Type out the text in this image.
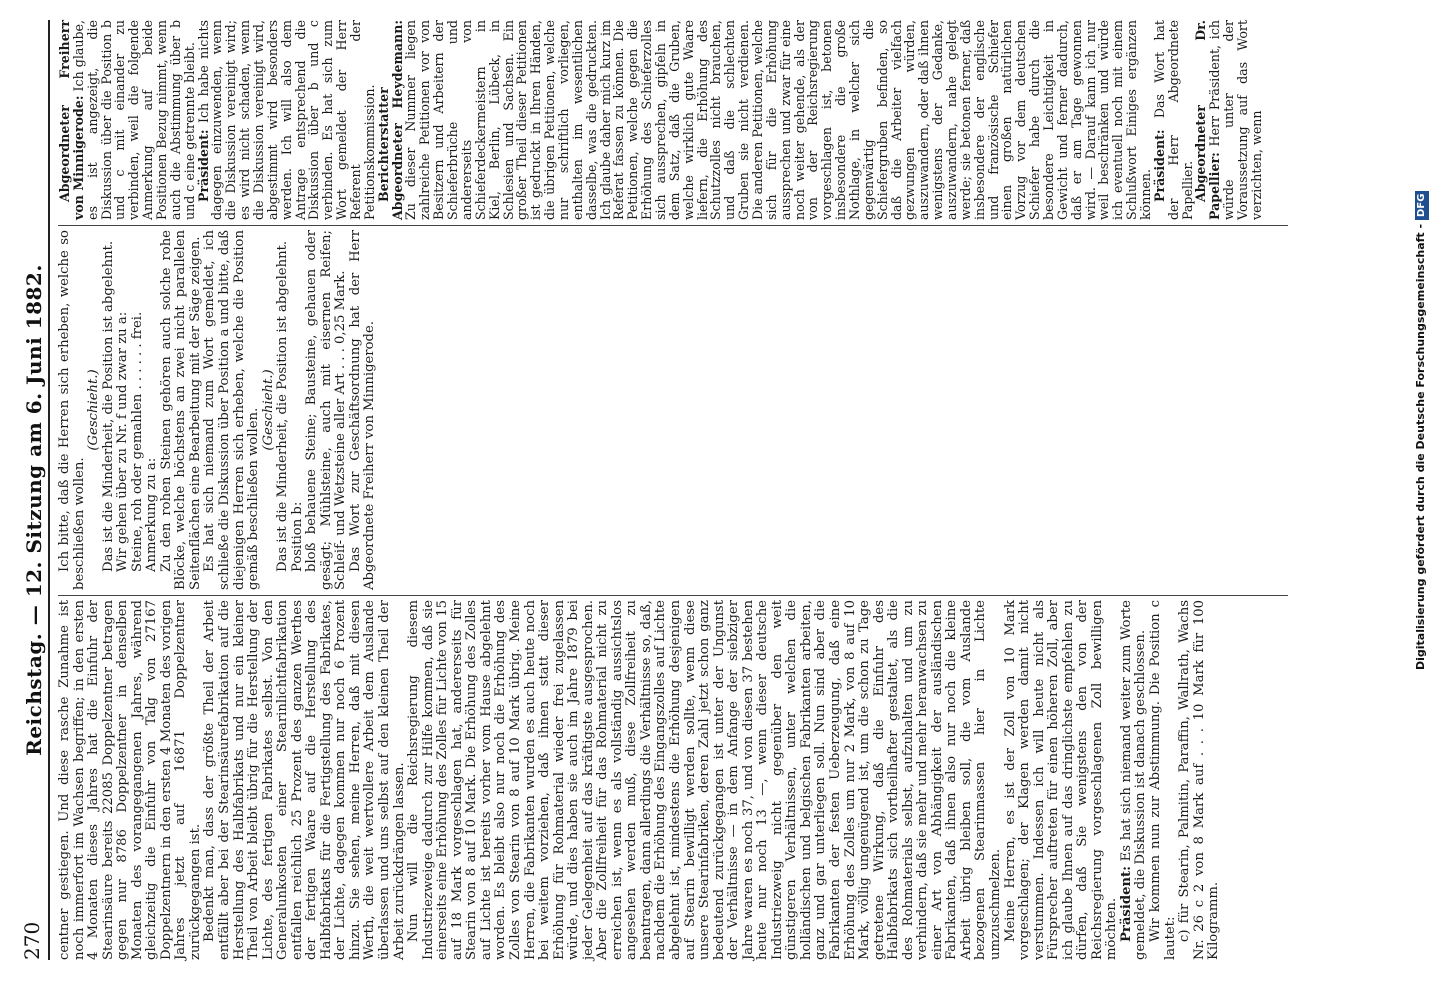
270
Reichstag. — 12. Sitzung am 6. Juni 1882.

centner gestiegen. Und diese rasche Zunahme ist noch immerfort im Wachsen begriffen; in den ersten 4 Monaten dieses Jahres hat die Einfuhr der Stearinsäure bereits 22085 Doppelzentner betragen gegen nur 8786 Doppelzentner in denselben Monaten des vorangegangenen Jahres, während gleichzeitig die Einfuhr von Talg von 27167 Doppelzentnern in den ersten 4 Monaten des vorigen Jahres jetzt auf 16871 Doppelzentner zurückgegangen ist. Bedenkt man, dass der größte Theil der Arbeit entfällt aber bei der Stearinsäurefabrikation auf die Herstellung des Halbfabrikats und nur ein kleiner Theil von Arbeit bleibt übrig für die Herstellung der Lichte, des fertigen Fabrikates selbst. Von den Generalunkosten einer Stearinlichtfabrikation entfallen reichlich 25 Prozent des ganzen Werthes der fertigen Waare auf die Herstellung des Halbfabrikats für die Fertigstellung des Fabrikates, der Lichte, dagegen kommen nur noch 6 Prozent hinzu. Sie sehen, meine Herren, daß mit diesen Werth, die weit wertvollere Arbeit dem Auslande überlassen und uns selbst auf den kleinen Theil der Arbeit zurückdrängen lassen. Nun will die Reichsregierung diesem Industriezweige dadurch zur Hilfe kommen, daß sie einerseits eine Erhöhung des Zolles für Lichte von 15 auf 18 Mark vorgeschlagen hat, andererseits für Stearin von 8 auf 10 Mark. Die Erhöhung des Zolles auf Lichte ist bereits vorher vom Hause abgelehnt worden. Es bleibt also nur noch die Erhöhung des Zolles von Stearin von 8 auf 10 Mark übrig. Meine Herren, die Fabrikanten wurden es auch heute noch bei weitem vorziehen, daß ihnen statt dieser Erhöhung für Rohmaterial wieder frei zugelassen würde, und dies haben sie auch im Jahre 1879 bei jeder Gelegenheit auf das kräftigste ausgesprochen. Aber die Zollfreiheit für das Rohmaterial nicht zu erreichen ist, wenn es als vollständig aussichtslos angesehen werden muß, diese Zollfreiheit zu beantragen, dann allerdings die Verhältnisse so, daß, nachdem die Erhöhung des Eingangszolles auf Lichte abgelehnt ist, mindestens die Erhöhung desjenigen auf Stearin bewilligt werden sollte, wenn diese unsere Stearinfabriken, deren Zahl jetzt schon ganz bedeutend zurückgegangen ist unter der Ungunst der Verhältnisse — in dem Anfange der siebziger Jahre waren es noch 37, und von diesen 37 bestehen heute nur noch 13 —, wenn dieser deutsche Industriezweig nicht gegenüber den weit günstigeren Verhältnissen, unter welchen die holländischen und belgischen Fabrikanten arbeiten, ganz und gar unterliegen soll. Nun sind aber die Fabrikanten der festen Ueberzeugung, daß eine Erhöhung des Zolles um nur 2 Mark, von 8 auf 10 Mark, völlig ungenügend ist, um die schon zu Tage getretene Wirkung, daß die Einfuhr des Halbfabrikats sich vortheilhafter gestaltet, als die des Rohmaterials selbst, aufzuhalten und um zu verhindern, daß sie mehr und mehr heranwachsen zu einer Art von Abhängigkeit der ausländischen Fabrikanten, daß ihnen also nur noch die kleine Arbeit übrig bleiben soll, die vom Auslande bezogenen Stearinmassen hier in Lichte umzuschmelzen. Meine Herren, es ist der Zoll von 10 Mark vorgeschlagen; der Klagen werden damit nicht verstummen. Indessen ich will heute nicht als Fürsprecher auftreten für einen höheren Zoll, aber ich glaube Ihnen auf das dringlichste empfehlen zu dürfen, daß Sie wenigstens den von der Reichsregierung vorgeschlagenen Zoll bewilligen möchten. Präsident: Es hat sich niemand weiter zum Worte gemeldet, die Diskussion ist danach geschlossen. Wir kommen nun zur Abstimmung. Die Position c lautet: c) für Stearin, Palmitin, Paraffin, Wallrath, Wachs Nr. 26 c 2 von 8 Mark auf . . . 10 Mark für 100 Kilogramm.

Ich bitte, daß die Herren sich erheben, welche so beschließen wollen.

(Geschieht.) Das ist die Minderheit, die Position ist abgelehnt. Wir gehen über zu Nr. f und zwar zu a: Steine, roh oder gemahlen . . . . . . frei. Anmerkung zu a: Zu den rohen Steinen gehören auch solche rohe Blöcke, welche höchstens an zwei nicht parallelen Seitenflächen eine Bearbeitung mit der Säge zeigen. Es hat sich niemand zum Wort gemeldet, ich schließe die Diskussion über Position a und bitte, daß diejenigen Herren sich erheben, welche die Position gemäß beschließen wollen. (Geschieht.) Das ist die Minderheit, die Position ist abgelehnt. Position b: bloß behauene Steine; Bausteine, gehauen oder gesägt; Mühlsteine, auch mit eisernen Reifen; Schleif- und Wetzsteine aller Art . . . 0,25 Mark. Das Wort zur Geschäftsordnung hat der Herr Abgeordnete Freiherr von Minnigerode.

Abgeordneter Freiherr von Minnigerode: Ich glaube, es ist angezeigt, die Diskussion über die Position b und c mit einander zu verbinden, weil die folgende Anmerkung auf beide Positionen Bezug nimmt, wenn auch die Abstimmung über b und c eine getrennte bleibt.

Präsident: Ich habe nichts dagegen einzuwenden, wenn die Diskussion vereinigt wird; es wird nicht schaden, wenn die Diskussion vereinigt wird, abgestimmt wird besonders werden. Ich will also dem Antrage entsprechend die Diskussion über b und c verbinden. Es hat sich zum Wort gemeldet der Herr Referent der Petitionskommission.

Berichterstatter Abgeordneter Heydemann: Zu dieser Nummer liegen zahlreiche Petitionen vor von Besitzern und Arbeitern der Schieferbrüche und andererseits von Schieferdeckermeistern in Kiel, Berlin, Lübeck, in Schlesien und Sachsen. Ein großer Theil dieser Petitionen ist gedruckt in Ihren Händen, die übrigen Petitionen, welche nur schriftlich vorliegen, enthalten im wesentlichen dasselbe, was die gedruckten. Ich glaube daher mich kurz im Referat fassen zu können. Die Petitionen, welche gegen die Erhöhung des Schieferzolles sich aussprechen, gipfeln in dem Satz, daß die Gruben, welche wirklich gute Waare liefern, die Erhöhung des Schutzzolles nicht brauchen, und daß die schlechten Gruben sie nicht verdienen. Die anderen Petitionen, welche sich für die Erhöhung aussprechen und zwar für eine noch weiter gehende, als der von der Reichsregierung vorgeschlagen ist, betonen insbesondere die große Nothlage, in welcher sich gegenwärtig die Schiefergruben befinden, so daß die Arbeiter vielfach gezwungen würden, auszuwandern, oder daß ihnen wenigstens der Gedanke, auszuwandern, nahe gelegt werde; sie betonen ferner, daß insbesondere der englische und französische Schiefer einen großen natürlichen Vorzug vor dem deutschen Schiefer habe durch die besondere Leichtigkeit in Gewicht und ferner dadurch, daß er am Tage gewonnen wird. — Darauf kann ich nur weil beschränken und würde ich eventuell noch mit einem Schlußwort Einiges ergänzen können.

Präsident: Das Wort hat der Herr Abgeordnete Papellier.

Abgeordneter Dr. Papellier: Herr Präsident, ich würde unter der Voraussetzung auf das Wort verzichten, wenn

Digitalisierung gefördert durch die Deutsche Forschungsgemeinschaft -DFG
